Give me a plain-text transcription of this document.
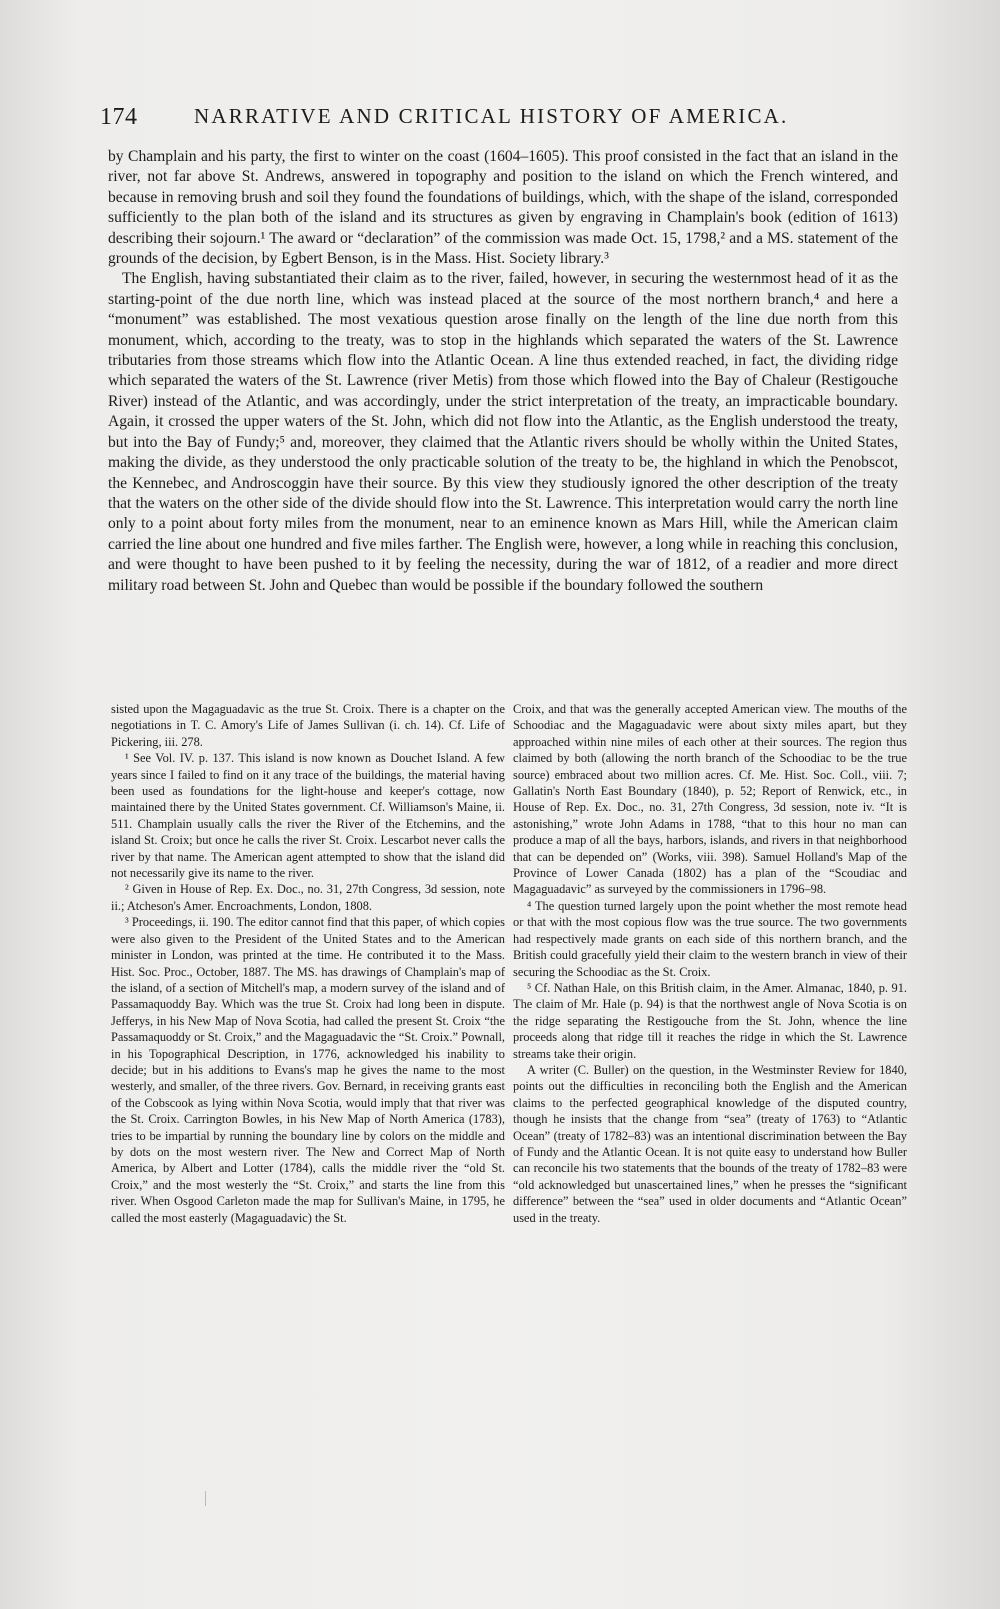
174	NARRATIVE AND CRITICAL HISTORY OF AMERICA.

by Champlain and his party, the first to winter on the coast (1604–1605). This proof consisted in the fact that an island in the river, not far above St. Andrews, answered in topography and position to the island on which the French wintered, and because in removing brush and soil they found the foundations of buildings, which, with the shape of the island, corresponded sufficiently to the plan both of the island and its structures as given by engraving in Champlain's book (edition of 1613) describing their sojourn.¹ The award or “declaration” of the commission was made Oct. 15, 1798,² and a MS. statement of the grounds of the decision, by Egbert Benson, is in the Mass. Hist. Society library.³

The English, having substantiated their claim as to the river, failed, however, in securing the westernmost head of it as the starting-point of the due north line, which was instead placed at the source of the most northern branch,⁴ and here a “monument” was established. The most vexatious question arose finally on the length of the line due north from this monument, which, according to the treaty, was to stop in the highlands which separated the waters of the St. Lawrence tributaries from those streams which flow into the Atlantic Ocean. A line thus extended reached, in fact, the dividing ridge which separated the waters of the St. Lawrence (river Metis) from those which flowed into the Bay of Chaleur (Restigouche River) instead of the Atlantic, and was accordingly, under the strict interpretation of the treaty, an impracticable boundary. Again, it crossed the upper waters of the St. John, which did not flow into the Atlantic, as the English understood the treaty, but into the Bay of Fundy;⁵ and, moreover, they claimed that the Atlantic rivers should be wholly within the United States, making the divide, as they understood the only practicable solution of the treaty to be, the highland in which the Penobscot, the Kennebec, and Androscoggin have their source. By this view they studiously ignored the other description of the treaty that the waters on the other side of the divide should flow into the St. Lawrence. This interpretation would carry the north line only to a point about forty miles from the monument, near to an eminence known as Mars Hill, while the American claim carried the line about one hundred and five miles farther. The English were, however, a long while in reaching this conclusion, and were thought to have been pushed to it by feeling the necessity, during the war of 1812, of a readier and more direct military road between St. John and Quebec than would be possible if the boundary followed the southern

sisted upon the Magaguadavic as the true St. Croix. There is a chapter on the negotiations in T. C. Amory's Life of James Sullivan (i. ch. 14). Cf. Life of Pickering, iii. 278.

¹ See Vol. IV. p. 137. This island is now known as Douchet Island. A few years since I failed to find on it any trace of the buildings, the material having been used as foundations for the light-house and keeper's cottage, now maintained there by the United States government. Cf. Williamson's Maine, ii. 511. Champlain usually calls the river the River of the Etchemins, and the island St. Croix; but once he calls the river St. Croix. Lescarbot never calls the river by that name. The American agent attempted to show that the island did not necessarily give its name to the river.

² Given in House of Rep. Ex. Doc., no. 31, 27th Congress, 3d session, note ii.; Atcheson's Amer. Encroachments, London, 1808.

³ Proceedings, ii. 190. The editor cannot find that this paper, of which copies were also given to the President of the United States and to the American minister in London, was printed at the time. He contributed it to the Mass. Hist. Soc. Proc., October, 1887. The MS. has drawings of Champlain's map of the island, of a section of Mitchell's map, a modern survey of the island and of Passamaquoddy Bay. Which was the true St. Croix had long been in dispute. Jefferys, in his New Map of Nova Scotia, had called the present St. Croix “the Passamaquoddy or St. Croix,” and the Magaguadavic the “St. Croix.” Pownall, in his Topographical Description, in 1776, acknowledged his inability to decide; but in his additions to Evans's map he gives the name to the most westerly, and smaller, of the three rivers. Gov. Bernard, in receiving grants east of the Cobscook as lying within Nova Scotia, would imply that that river was the St. Croix. Carrington Bowles, in his New Map of North America (1783), tries to be impartial by running the boundary line by colors on the middle and by dots on the most western river. The New and Correct Map of North America, by Albert and Lotter (1784), calls the middle river the “old St. Croix,” and the most westerly the “St. Croix,” and starts the line from this river. When Osgood Carleton made the map for Sullivan's Maine, in 1795, he called the most easterly (Magaguadavic) the St.

Croix, and that was the generally accepted American view. The mouths of the Schoodiac and the Magaguadavic were about sixty miles apart, but they approached within nine miles of each other at their sources. The region thus claimed by both (allowing the north branch of the Schoodiac to be the true source) embraced about two million acres. Cf. Me. Hist. Soc. Coll., viii. 7; Gallatin's North East Boundary (1840), p. 52; Report of Renwick, etc., in House of Rep. Ex. Doc., no. 31, 27th Congress, 3d session, note iv. “It is astonishing,” wrote John Adams in 1788, “that to this hour no man can produce a map of all the bays, harbors, islands, and rivers in that neighborhood that can be depended on” (Works, viii. 398). Samuel Holland's Map of the Province of Lower Canada (1802) has a plan of the “Scoudiac and Magaguadavic” as surveyed by the commissioners in 1796–98.

⁴ The question turned largely upon the point whether the most remote head or that with the most copious flow was the true source. The two governments had respectively made grants on each side of this northern branch, and the British could gracefully yield their claim to the western branch in view of their securing the Schoodiac as the St. Croix.

⁵ Cf. Nathan Hale, on this British claim, in the Amer. Almanac, 1840, p. 91. The claim of Mr. Hale (p. 94) is that the northwest angle of Nova Scotia is on the ridge separating the Restigouche from the St. John, whence the line proceeds along that ridge till it reaches the ridge in which the St. Lawrence streams take their origin.

A writer (C. Buller) on the question, in the Westminster Review for 1840, points out the difficulties in reconciling both the English and the American claims to the perfected geographical knowledge of the disputed country, though he insists that the change from “sea” (treaty of 1763) to “Atlantic Ocean” (treaty of 1782–83) was an intentional discrimination between the Bay of Fundy and the Atlantic Ocean. It is not quite easy to understand how Buller can reconcile his two statements that the bounds of the treaty of 1782–83 were “old acknowledged but unascertained lines,” when he presses the “significant difference” between the “sea” used in older documents and “Atlantic Ocean” used in the treaty.
